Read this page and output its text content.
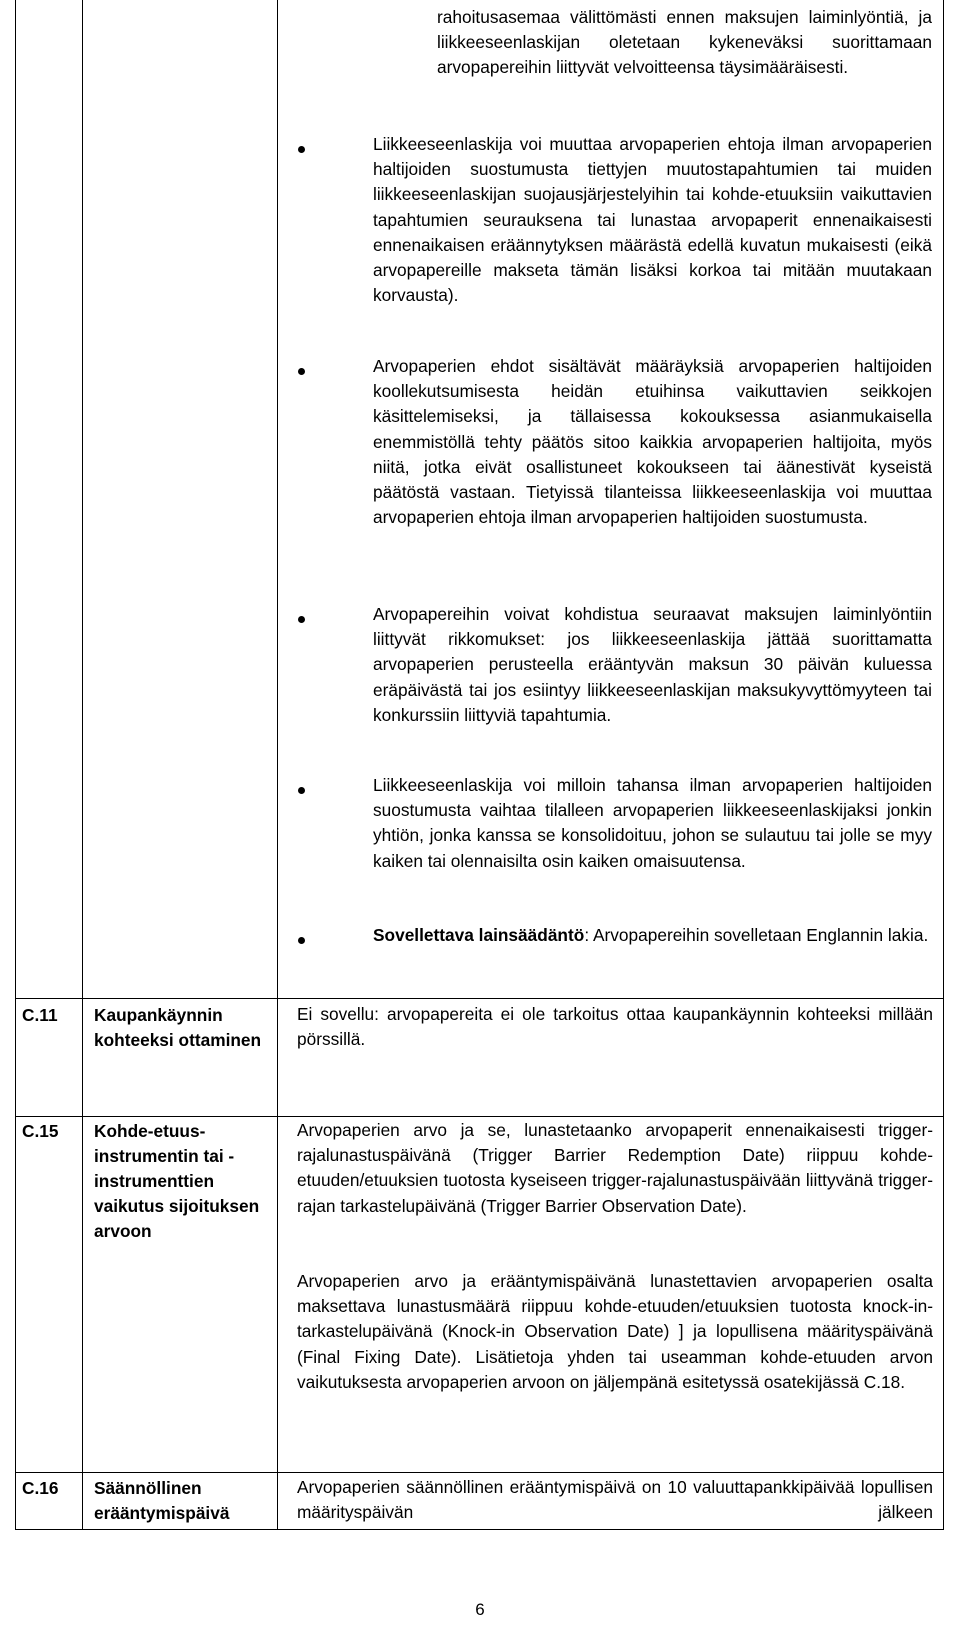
rahoitusasemaa välittömästi ennen maksujen laiminlyöntiä, ja liikkeeseenlaskijan oletetaan kykeneväksi suorittamaan arvopapereihin liittyvät velvoitteensa täysimääräisesti.
Liikkeeseenlaskija voi muuttaa arvopaperien ehtoja ilman arvopaperien haltijoiden suostumusta tiettyjen muutostapahtumien tai muiden liikkeeseenlaskijan suojausjärjestelyihin tai kohde-etuuksiin vaikuttavien tapahtumien seurauksena tai lunastaa arvopaperit ennenaikaisesti ennenaikaisen eräännytyksen määrästä edellä kuvatun mukaisesti (eikä arvopapereille makseta tämän lisäksi korkoa tai mitään muutakaan korvausta).
Arvopaperien ehdot sisältävät määräyksiä arvopaperien haltijoiden koollekutsumisesta heidän etuihinsa vaikuttavien seikkojen käsittelemiseksi, ja tällaisessa kokouksessa asianmukaisella enemmistöllä tehty päätös sitoo kaikkia arvopaperien haltijoita, myös niitä, jotka eivät osallistuneet kokoukseen tai äänestivät kyseistä päätöstä vastaan. Tietyissä tilanteissa liikkeeseenlaskija voi muuttaa arvopaperien ehtoja ilman arvopaperien haltijoiden suostumusta.
Arvopapereihin voivat kohdistua seuraavat maksujen laiminlyöntiin liittyvät rikkomukset: jos liikkeeseenlaskija jättää suorittamatta arvopaperien perusteella erääntyvän maksun 30 päivän kuluessa eräpäivästä tai jos esiintyy liikkeeseenlaskijan maksukyvyttömyyteen tai konkurssiin liittyviä tapahtumia.
Liikkeeseenlaskija voi milloin tahansa ilman arvopaperien haltijoiden suostumusta vaihtaa tilalleen arvopaperien liikkeeseenlaskijaksi jonkin yhtiön, jonka kanssa se konsolidoituu, johon se sulautuu tai jolle se myy kaiken tai olennaisilta osin kaiken omaisuutensa.
Sovellettava lainsäädäntö: Arvopapereihin sovelletaan Englannin lakia.
C.11 Kaupankäynnin kohteeksi ottaminen
Ei sovellu: arvopapereita ei ole tarkoitus ottaa kaupankäynnin kohteeksi millään pörssillä.
C.15 Kohde-etuus-instrumentin tai -instrumenttien vaikutus sijoituksen arvoon
Arvopaperien arvo ja se, lunastetaanko arvopaperit ennenaikaisesti trigger-rajalunastuspäivänä (Trigger Barrier Redemption Date) riippuu kohde-etuuden/etuuksien tuotosta kyseiseen trigger-rajalunastuspäivään liittyvänä trigger-rajan tarkastelupäivänä (Trigger Barrier Observation Date).
Arvopaperien arvo ja erääntymispäivänä lunastettavien arvopaperien osalta maksettava lunastusmäärä riippuu kohde-etuuden/etuuksien tuotosta knock-in-tarkastelupäivänä (Knock-in Observation Date) ] ja lopullisena määrityspäivänä (Final Fixing Date). Lisätietoja yhden tai useamman kohde-etuuden arvon vaikutuksesta arvopaperien arvoon on jäljempänä esitetyssä osatekijässä C.18.
C.16 Säännöllinen erääntymispäivä
Arvopaperien säännöllinen erääntymispäivä on 10 valuuttapankkipäivää lopullisen määrityspäivän jälkeen
6
